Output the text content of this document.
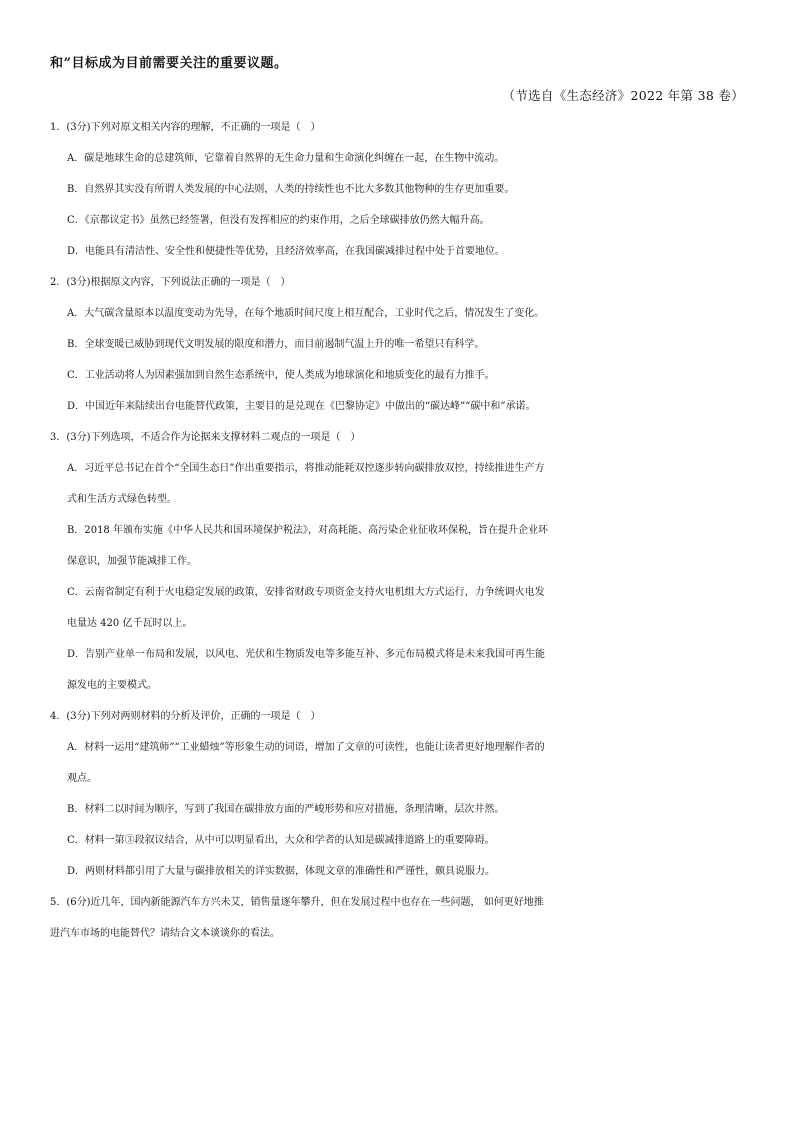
和”目标成为目前需要关注的重要议题。
（节选自《生态经济》2022 年第 38 卷）
1．(3分)下列对原文相关内容的理解，不正确的一项是（　）
A．碳是地球生命的总建筑师，它靠着自然界的无生命力量和生命演化纠缠在一起，在生物中流动。
B．自然界其实没有所谓人类发展的中心法则，人类的持续性也不比大多数其他物种的生存更加重要。
C．《京都议定书》虽然已经签署，但没有发挥相应的约束作用，之后全球碳排放仍然大幅升高。
D．电能具有清洁性、安全性和便捷性等优势，且经济效率高，在我国碳减排过程中处于首要地位。
2．(3分)根据原文内容，下列说法正确的一项是（　）
A．大气碳含量原本以温度变动为先导，在每个地质时间尺度上相互配合，工业时代之后，情况发生了变化。
B．全球变暖已威胁到现代文明发展的限度和潜力，而目前遏制气温上升的唯一希望只有科学。
C．工业活动将人为因素强加到自然生态系统中，使人类成为地球演化和地质变化的最有力推手。
D．中国近年来陆续出台电能替代政策，主要目的是兑现在《巴黎协定》中做出的“碳达峰”“碳中和”承诺。
3．(3分)下列选项，不适合作为论据来支撑材料二观点的一项是（　）
A．习近平总书记在首个“全国生态日”作出重要指示，将推动能耗双控逐步转向碳排放双控，持续推进生产方
式和生活方式绿色转型。
B．2018 年颁布实施《中华人民共和国环境保护税法》，对高耗能、高污染企业征收环保税，旨在提升企业环
保意识，加强节能减排工作。
C．云南省制定有利于火电稳定发展的政策，安排省财政专项资金支持火电机组大方式运行，力争统调火电发
电量达 420 亿千瓦时以上。
D．告别产业单一布局和发展，以风电、光伏和生物质发电等多能互补、多元布局模式将是未来我国可再生能
源发电的主要模式。
4．(3分)下列对两则材料的分析及评价，正确的一项是（　）
A．材料一运用“建筑师”“工业蜡烛”等形象生动的词语，增加了文章的可读性，也能让读者更好地理解作者的
观点。
B．材料二以时间为顺序，写到了我国在碳排放方面的严峻形势和应对措施，条理清晰，层次井然。
C．材料一第③段叙议结合，从中可以明显看出，大众和学者的认知是碳减排道路上的重要障碍。
D．两则材料都引用了大量与碳排放相关的详实数据，体现文章的准确性和严谨性，颇具说服力。
5．(6分)近几年，国内新能源汽车方兴未艾，销售量逐年攀升，但在发展过程中也存在一些问题， 如何更好地推
进汽车市场的电能替代？请结合文本谈谈你的看法。
